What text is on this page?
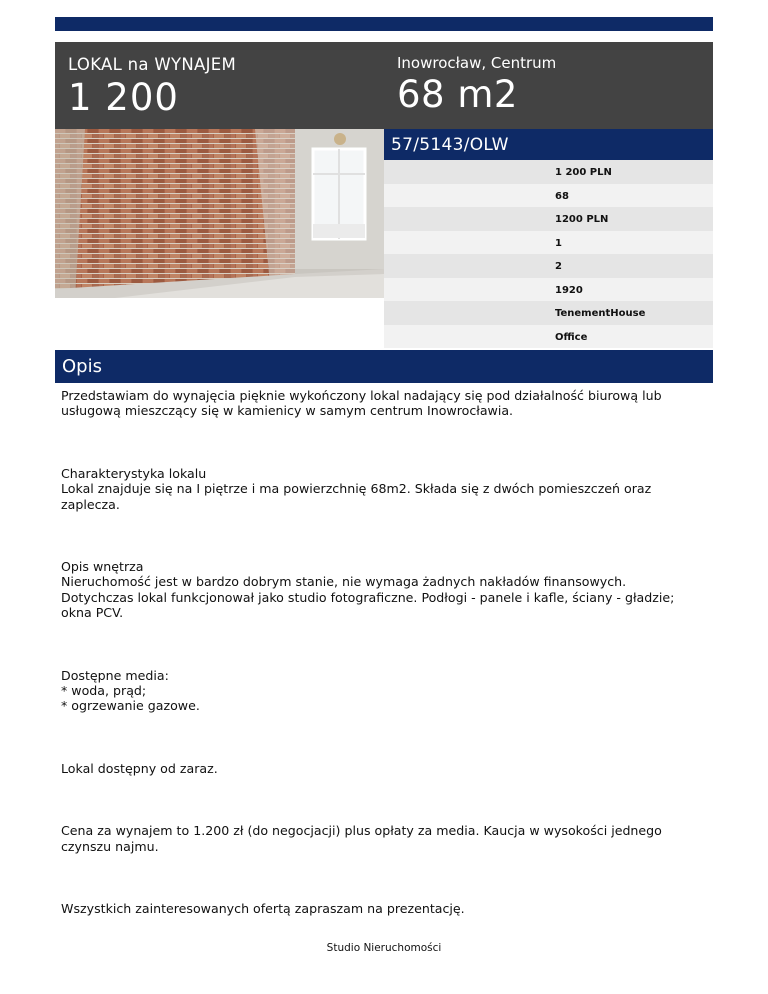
LOKAL na WYNAJEM
1 200
Inowrocław, Centrum
68 m2
57/5143/OLW
1 200 PLN
68
1200 PLN
1
2
1920
TenementHouse
Office
Opis

Przedstawiam do wynajęcia pięknie wykończony lokal nadający się pod działalność biurową lub
usługową mieszczący się w kamienicy w samym centrum Inowrocławia.

Charakterystyka lokalu
Lokal znajduje się na I piętrze i ma powierzchnię 68m2. Składa się z dwóch pomieszczeń oraz
zaplecza.

Opis wnętrza
Nieruchomość jest w bardzo dobrym stanie, nie wymaga żadnych nakładów finansowych.
Dotychczas lokal funkcjonował jako studio fotograficzne. Podłogi - panele i kafle, ściany - gładzie;
okna PCV.

Dostępne media:
* woda, prąd;
* ogrzewanie gazowe.

Lokal dostępny od zaraz.

Cena za wynajem to 1.200 zł (do negocjacji) plus opłaty za media. Kaucja w wysokości jednego
czynszu najmu.

Wszystkich zainteresowanych ofertą zapraszam na prezentację.

Studio Nieruchomości
